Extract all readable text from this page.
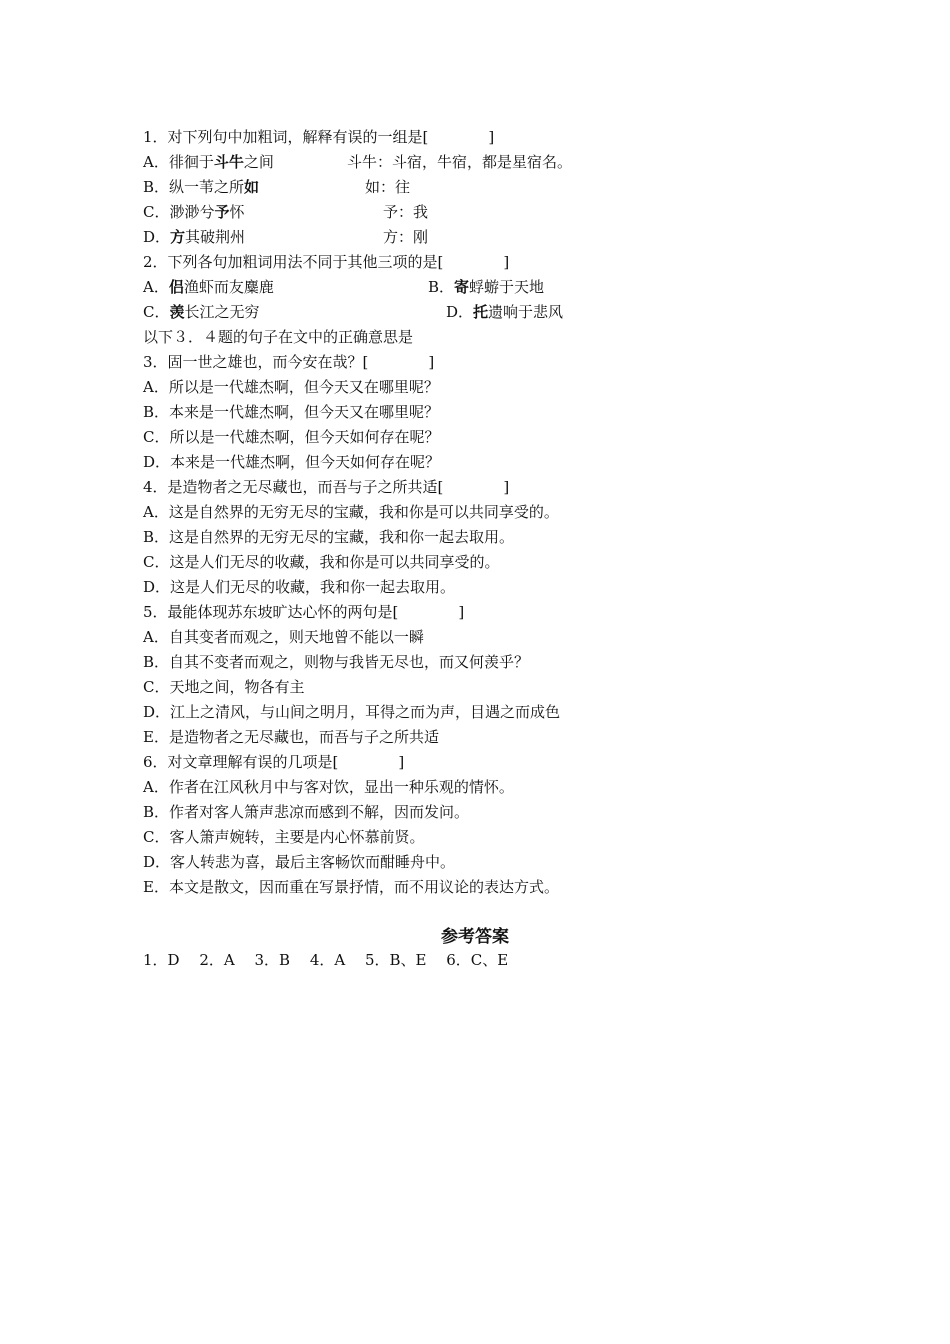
1．对下列句中加粗词，解释有误的一组是[　　　　]
A．徘徊于斗牛之间	斗牛：斗宿，牛宿，都是星宿名。
B．纵一苇之所如	如：往
C．渺渺兮予怀	予：我
D．方其破荆州	方：刚
2．下列各句加粗词用法不同于其他三项的是[　　　　]
A．侣渔虾而友麋鹿	B．寄蜉蝣于天地
C．羡长江之无穷	D．托遗响于悲风
以下３．４题的句子在文中的正确意思是
3．固一世之雄也，而今安在哉？[　　　　]
A．所以是一代雄杰啊，但今天又在哪里呢？
B．本来是一代雄杰啊，但今天又在哪里呢？
C．所以是一代雄杰啊，但今天如何存在呢？
D．本来是一代雄杰啊，但今天如何存在呢？
4．是造物者之无尽藏也，而吾与子之所共适[　　　　]
A．这是自然界的无穷无尽的宝藏，我和你是可以共同享受的。
B．这是自然界的无穷无尽的宝藏，我和你一起去取用。
C．这是人们无尽的收藏，我和你是可以共同享受的。
D．这是人们无尽的收藏，我和你一起去取用。
5．最能体现苏东坡旷达心怀的两句是[　　　　]
A．自其变者而观之，则天地曾不能以一瞬
B．自其不变者而观之，则物与我皆无尽也，而又何羡乎？
C．天地之间，物各有主
D．江上之清风，与山间之明月，耳得之而为声，目遇之而成色
E．是造物者之无尽藏也，而吾与子之所共适
6．对文章理解有误的几项是[　　　　]
A．作者在江风秋月中与客对饮，显出一种乐观的情怀。
B．作者对客人箫声悲凉而感到不解，因而发问。
C．客人箫声婉转，主要是内心怀慕前贤。
D．客人转悲为喜，最后主客畅饮而酣睡舟中。
E．本文是散文，因而重在写景抒情，而不用议论的表达方式。
参考答案
1．D　 2．A　 3．B　 4．A　 5．B、E　 6．C、E
